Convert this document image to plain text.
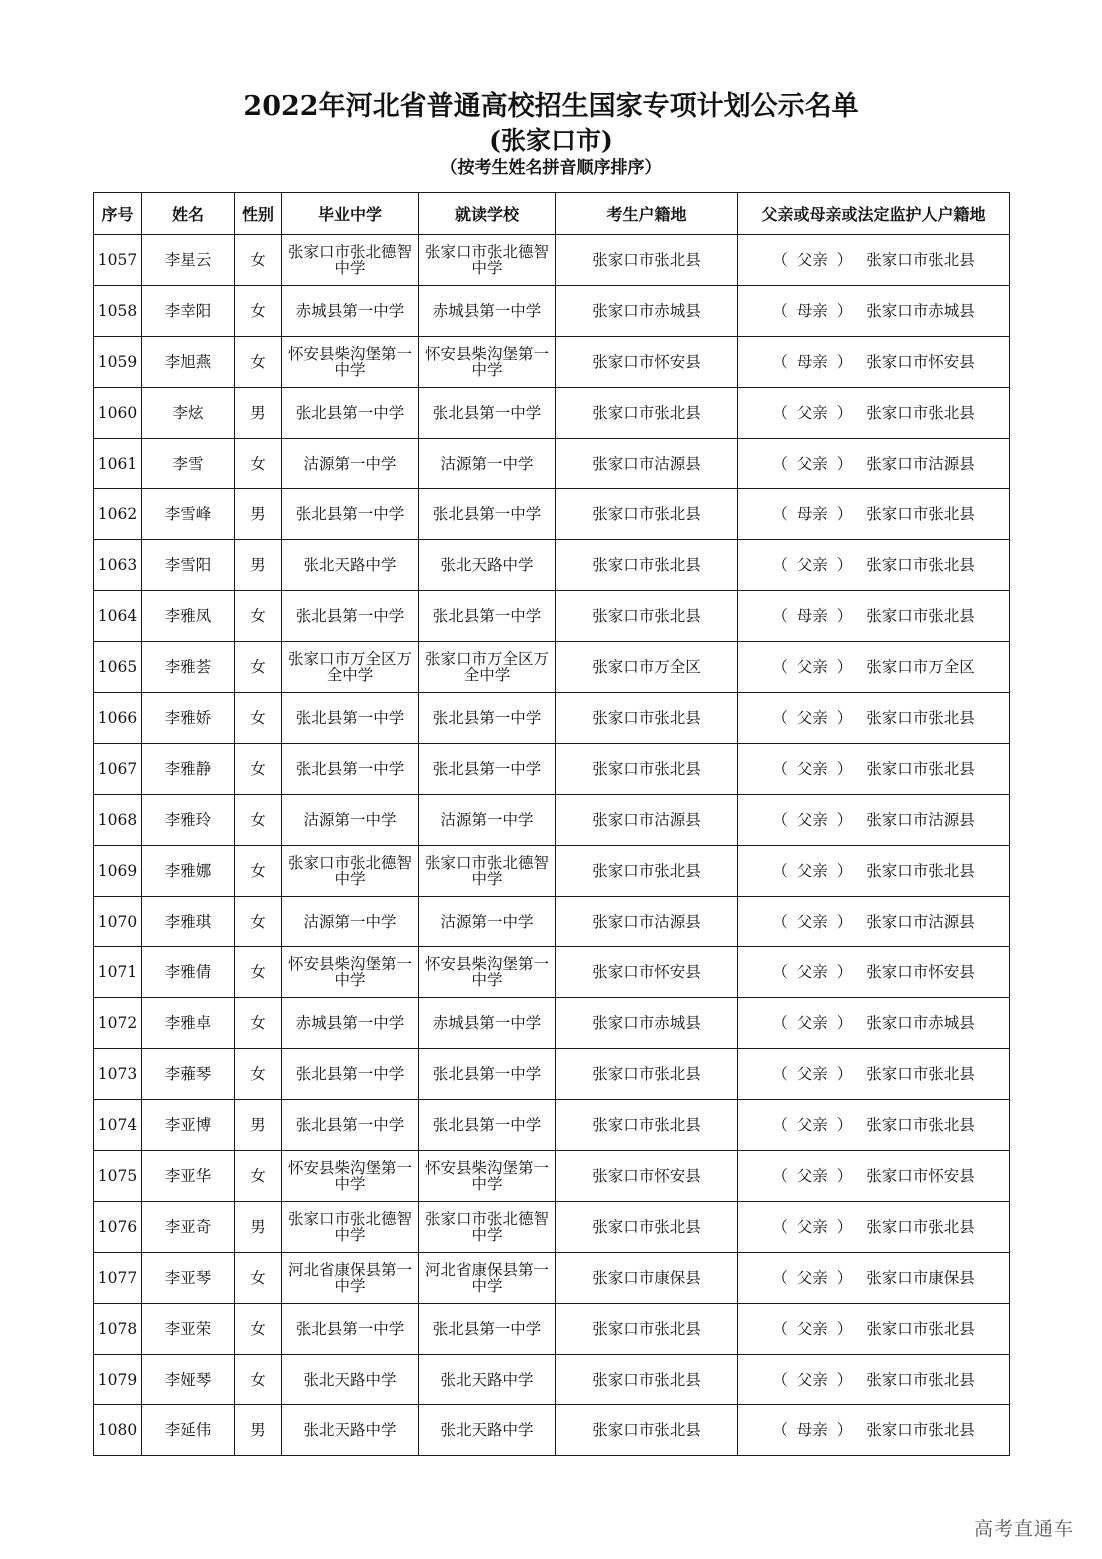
2022年河北省普通高校招生国家专项计划公示名单
(张家口市)
（按考生姓名拼音顺序排序）
序号	姓名	性别	毕业中学	就读学校	考生户籍地	父亲或母亲或法定监护人户籍地
1057	李星云	女	张家口市张北德智中学	张家口市张北德智中学	张家口市张北县	（ 父亲 ） 张家口市张北县
1058	李幸阳	女	赤城县第一中学	赤城县第一中学	张家口市赤城县	（ 母亲 ） 张家口市赤城县
1059	李旭燕	女	怀安县柴沟堡第一中学	怀安县柴沟堡第一中学	张家口市怀安县	（ 母亲 ） 张家口市怀安县
1060	李炫	男	张北县第一中学	张北县第一中学	张家口市张北县	（ 父亲 ） 张家口市张北县
1061	李雪	女	沽源第一中学	沽源第一中学	张家口市沽源县	（ 父亲 ） 张家口市沽源县
1062	李雪峰	男	张北县第一中学	张北县第一中学	张家口市张北县	（ 母亲 ） 张家口市张北县
1063	李雪阳	男	张北天路中学	张北天路中学	张家口市张北县	（ 父亲 ） 张家口市张北县
1064	李雅凤	女	张北县第一中学	张北县第一中学	张家口市张北县	（ 母亲 ） 张家口市张北县
1065	李雅荟	女	张家口市万全区万全中学	张家口市万全区万全中学	张家口市万全区	（ 父亲 ） 张家口市万全区
1066	李雅娇	女	张北县第一中学	张北县第一中学	张家口市张北县	（ 父亲 ） 张家口市张北县
1067	李雅静	女	张北县第一中学	张北县第一中学	张家口市张北县	（ 父亲 ） 张家口市张北县
1068	李雅玲	女	沽源第一中学	沽源第一中学	张家口市沽源县	（ 父亲 ） 张家口市沽源县
1069	李雅娜	女	张家口市张北德智中学	张家口市张北德智中学	张家口市张北县	（ 父亲 ） 张家口市张北县
1070	李雅琪	女	沽源第一中学	沽源第一中学	张家口市沽源县	（ 父亲 ） 张家口市沽源县
1071	李雅倩	女	怀安县柴沟堡第一中学	怀安县柴沟堡第一中学	张家口市怀安县	（ 父亲 ） 张家口市怀安县
1072	李雅卓	女	赤城县第一中学	赤城县第一中学	张家口市赤城县	（ 父亲 ） 张家口市赤城县
1073	李蕥琴	女	张北县第一中学	张北县第一中学	张家口市张北县	（ 父亲 ） 张家口市张北县
1074	李亚博	男	张北县第一中学	张北县第一中学	张家口市张北县	（ 父亲 ） 张家口市张北县
1075	李亚华	女	怀安县柴沟堡第一中学	怀安县柴沟堡第一中学	张家口市怀安县	（ 父亲 ） 张家口市怀安县
1076	李亚奇	男	张家口市张北德智中学	张家口市张北德智中学	张家口市张北县	（ 父亲 ） 张家口市张北县
1077	李亚琴	女	河北省康保县第一中学	河北省康保县第一中学	张家口市康保县	（ 父亲 ） 张家口市康保县
1078	李亚荣	女	张北县第一中学	张北县第一中学	张家口市张北县	（ 父亲 ） 张家口市张北县
1079	李娅琴	女	张北天路中学	张北天路中学	张家口市张北县	（ 父亲 ） 张家口市张北县
1080	李延伟	男	张北天路中学	张北天路中学	张家口市张北县	（ 母亲 ） 张家口市张北县
高考直通车
